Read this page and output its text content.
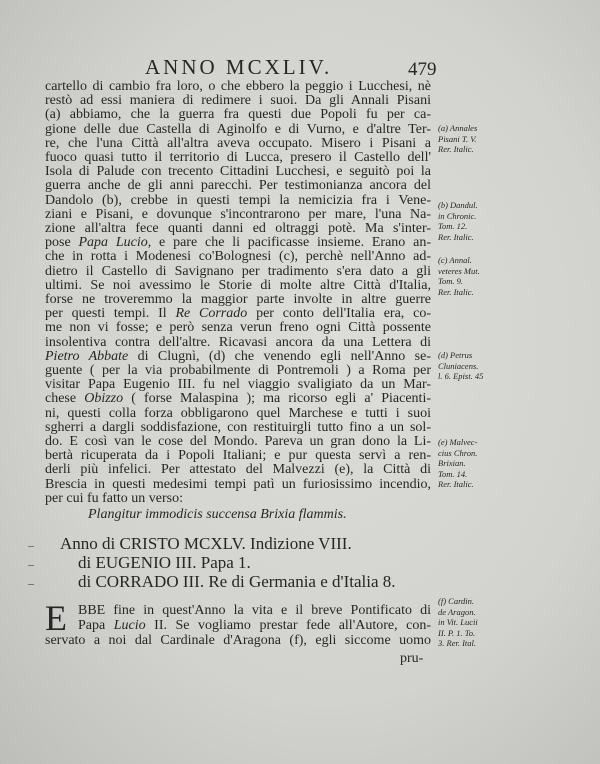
ANNO MCXLIV.	479
cartello di cambio fra loro, o che ebbero la peggio i Lucchesi, nè
restò ad essi maniera di redimere i suoi. Da gli Annali Pisani
(a) abbiamo, che la guerra fra questi due Popoli fu per ca-
gione delle due Castella di Aginolfo e di Vurno, e d'altre Ter-
re, che l'una Città all'altra aveva occupato. Misero i Pisani a
fuoco quasi tutto il territorio di Lucca, presero il Castello dell'
Isola di Palude con trecento Cittadini Lucchesi, e seguitò poi la
guerra anche de gli anni parecchi. Per testimonianza ancora del
Dandolo (b), crebbe in questi tempi la nemicizia fra i Vene-
ziani e Pisani, e dovunque s'incontrarono per mare, l'una Na-
zione all'altra fece quanti danni ed oltraggi potè. Ma s'inter-
pose Papa Lucio, e pare che li pacificasse insieme. Erano an-
che in rotta i Modenesi co'Bolognesi (c), perchè nell'Anno ad-
dietro il Castello di Savignano per tradimento s'era dato a gli
ultimi. Se noi avessimo le Storie di molte altre Città d'Italia,
forse ne troveremmo la maggior parte involte in altre guerre
per questi tempi. Il Re Corrado per conto dell'Italia era, co-
me non vi fosse; e però senza verun freno ogni Città possente
insolentiva contra dell'altre. Ricavasi ancora da una Lettera di
Pietro Abbate di Clugnì, (d) che venendo egli nell'Anno se-
guente ( per la via probabilmente di Pontremoli ) a Roma per
visitar Papa Eugenio III. fu nel viaggio svaligiato da un Mar-
chese Obizzo ( forse Malaspina ); ma ricorso egli a' Piacenti-
ni, questi colla forza obbligarono quel Marchese e tutti i suoi
sgherri a dargli soddisfazione, con restituirgli tutto fino a un sol-
do. E così van le cose del Mondo. Pareva un gran dono la Li-
bertà ricuperata da i Popoli Italiani; e pur questa servì a ren-
derli più infelici. Per attestato del Malvezzi (e), la Città di
Brescia in questi medesimi tempi patì un furiosissimo incendio,
per cui fu fatto un verso:
Plangitur immodicis succensa Brixia flammis.
Anno di CRISTO MCXLV. Indizione VIII.
di EUGENIO III. Papa 1.
di CORRADO III. Re di Germania e d'Italia 8.
E BBE fine in quest'Anno la vita e il breve Pontificato di
Papa Lucio II. Se vogliamo prestar fede all'Autore, con-
servato a noi dal Cardinale d'Aragona (f), egli siccome uomo
pru-
(a) Annales
Pisani T. V.
Rer. Italic.
(b) Dandul.
in Chronic.
Tom. 12.
Rer. Italic.
(c) Annal.
veteres Mut.
Tom. 9.
Rer. Italic.
(d) Petrus
Cluniacens.
l. 6. Epist. 45
(e) Malvec-
cius Chron.
Brixian.
Tom. 14.
Rer. Italic.
(f) Cardin.
de Aragon.
in Vit. Lucii
II. P. 1. To.
3. Rer. Ital.
